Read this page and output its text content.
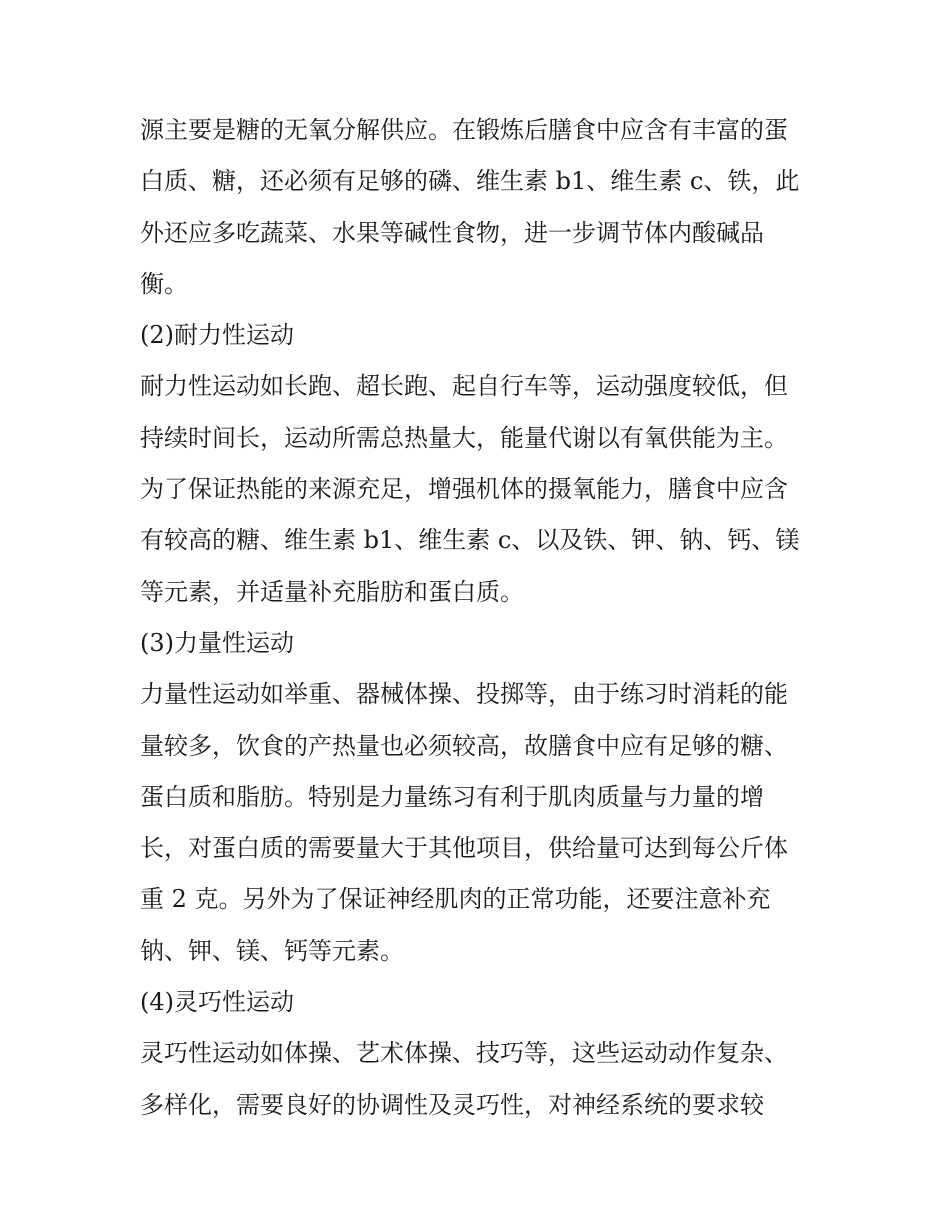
源主要是糖的无氧分解供应。在锻炼后膳食中应含有丰富的蛋
白质、糖，还必须有足够的磷、维生素 b1、维生素 c、铁，此
外还应多吃蔬菜、水果等碱性食物，进一步调节体内酸碱品
衡。
(2)耐力性运动
耐力性运动如长跑、超长跑、起自行车等，运动强度较低，但
持续时间长，运动所需总热量大，能量代谢以有氧供能为主。
为了保证热能的来源充足，增强机体的摄氧能力，膳食中应含
有较高的糖、维生素 b1、维生素 c、以及铁、钾、钠、钙、镁
等元素，并适量补充脂肪和蛋白质。
(3)力量性运动
力量性运动如举重、器械体操、投掷等，由于练习时消耗的能
量较多，饮食的产热量也必须较高，故膳食中应有足够的糖、
蛋白质和脂肪。特别是力量练习有利于肌肉质量与力量的增
长，对蛋白质的需要量大于其他项目，供给量可达到每公斤体
重 2 克。另外为了保证神经肌肉的正常功能，还要注意补充
钠、钾、镁、钙等元素。
(4)灵巧性运动
灵巧性运动如体操、艺术体操、技巧等，这些运动动作复杂、
多样化，需要良好的协调性及灵巧性，对神经系统的要求较
